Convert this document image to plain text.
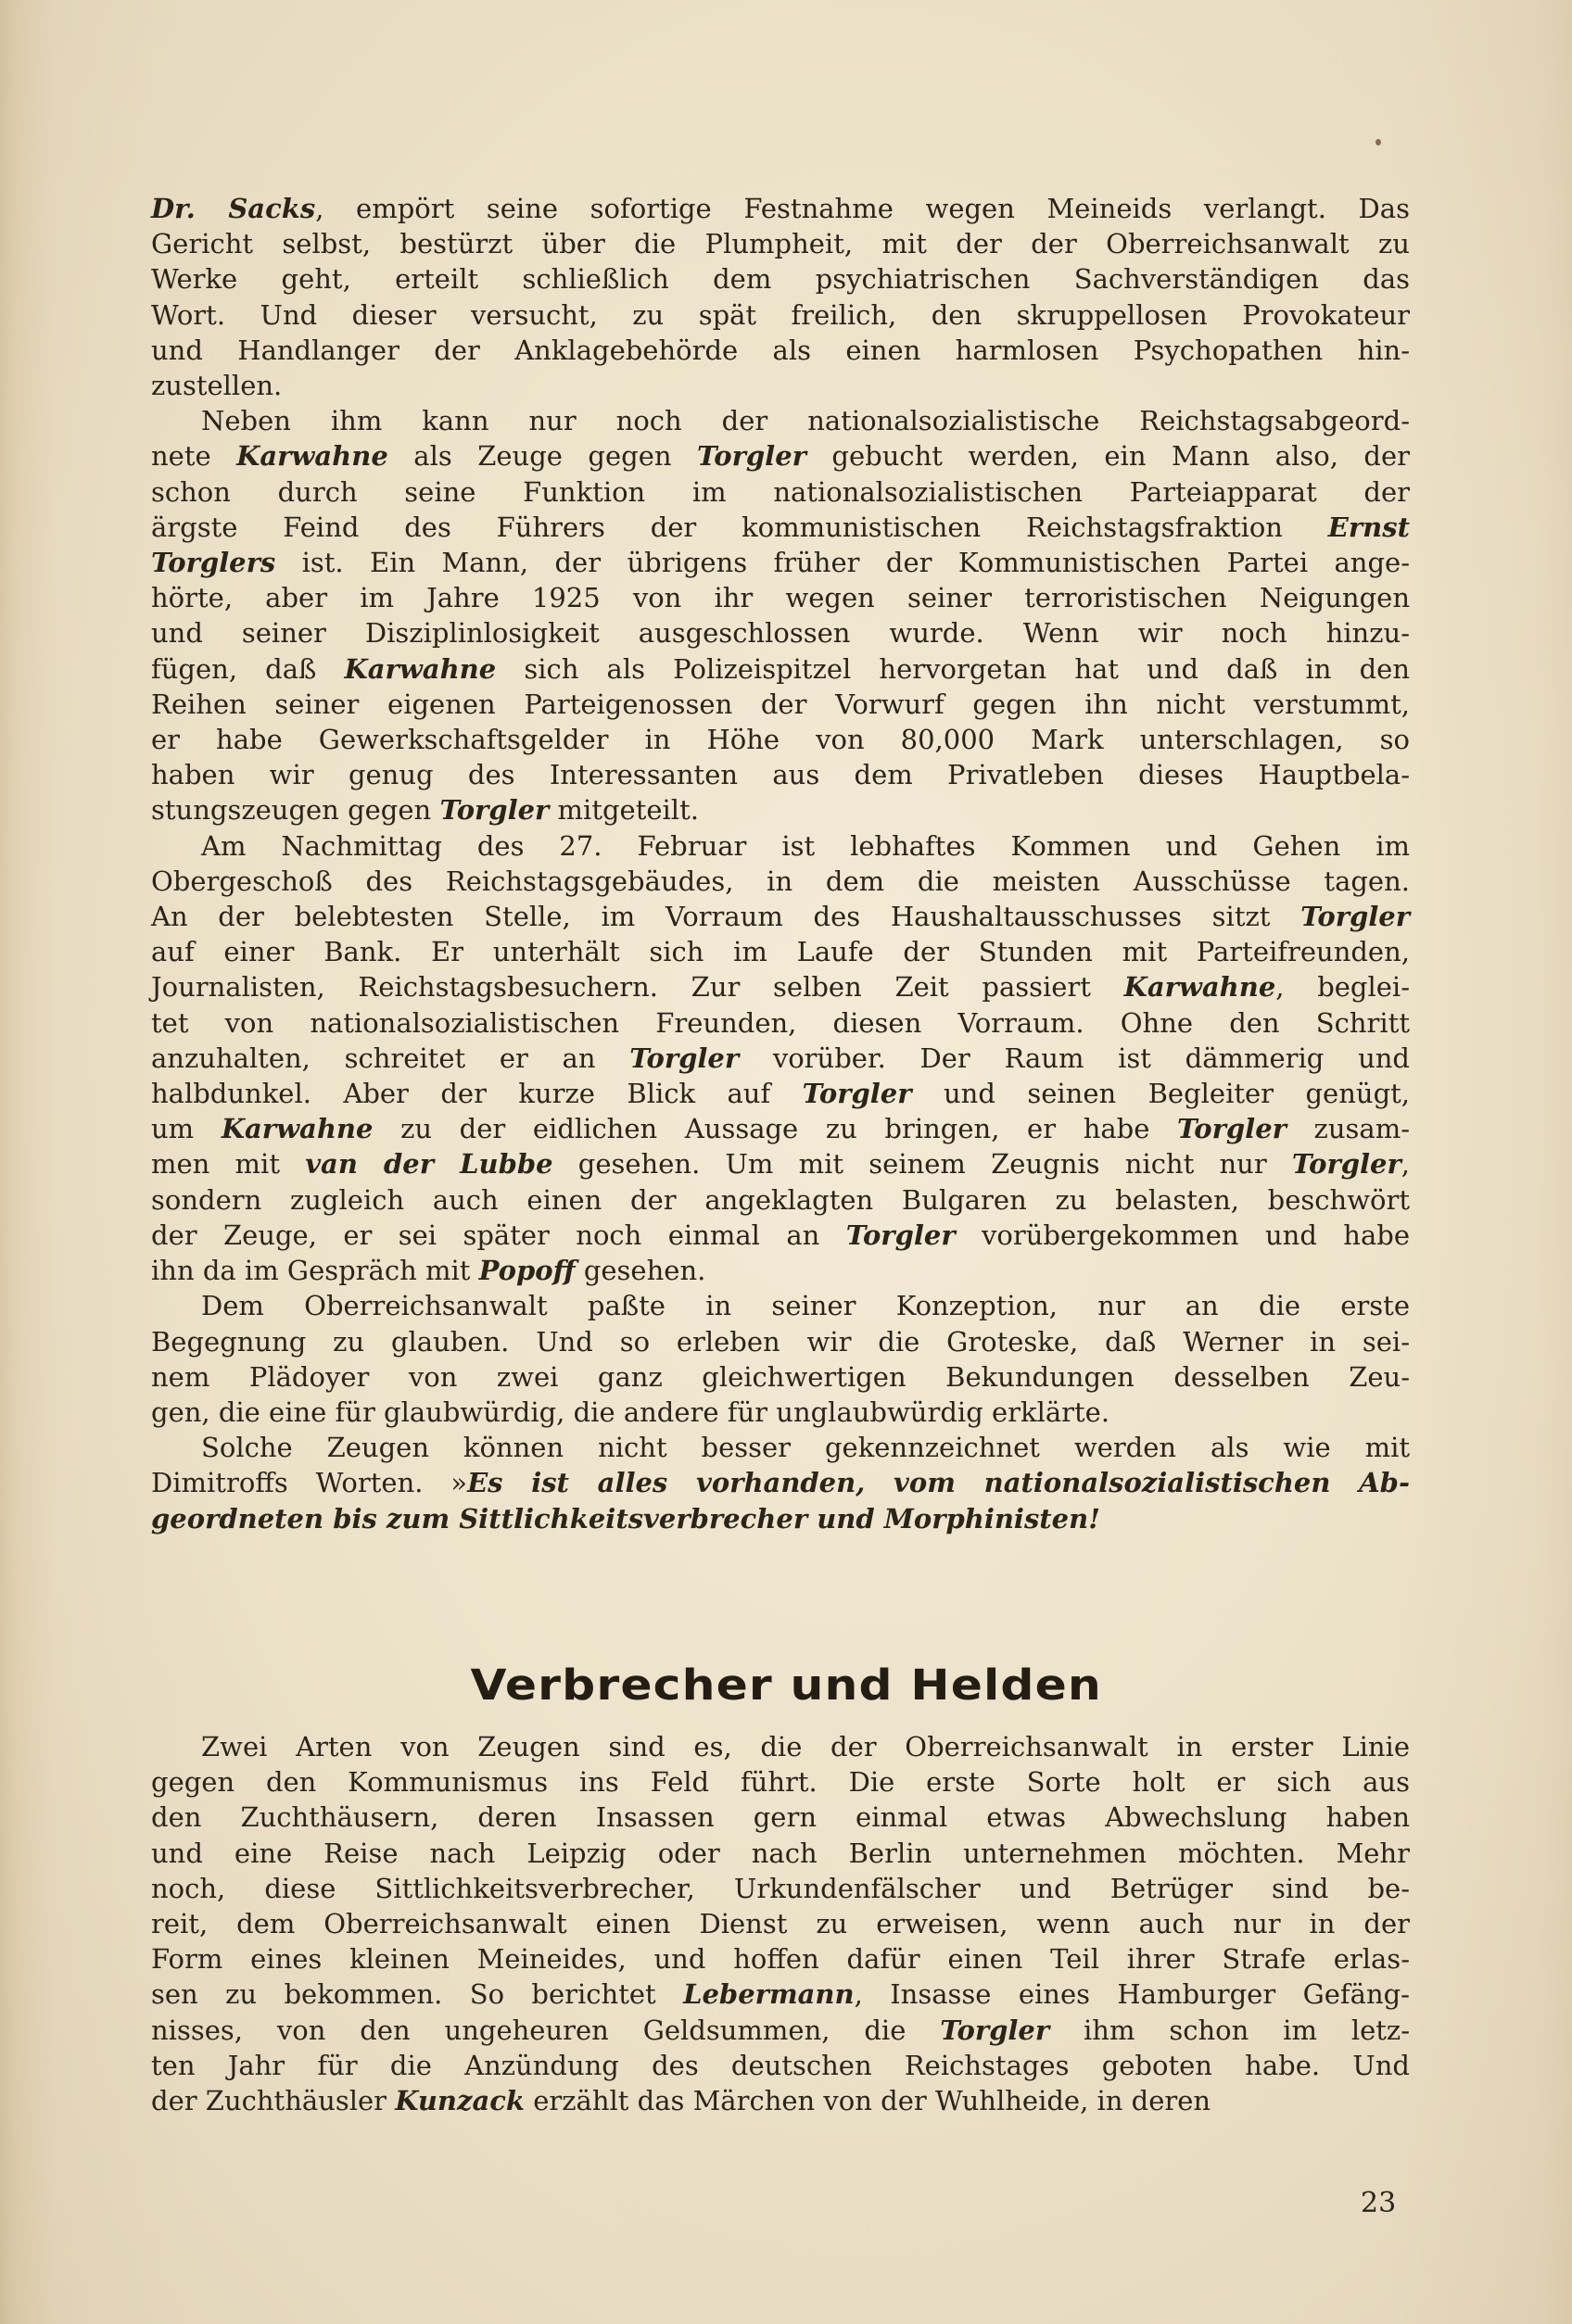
Dr. Sacks, empört seine sofortige Festnahme wegen Meineids verlangt. Das
Gericht selbst, bestürzt über die Plumpheit, mit der der Oberreichsanwalt zu
Werke geht, erteilt schließlich dem psychiatrischen Sachverständigen das
Wort. Und dieser versucht, zu spät freilich, den skruppellosen Provokateur
und Handlanger der Anklagebehörde als einen harmlosen Psychopathen hin-
zustellen.

Neben ihm kann nur noch der nationalsozialistische Reichstagsabgeord-
nete Karwahne als Zeuge gegen Torgler gebucht werden, ein Mann also, der
schon durch seine Funktion im nationalsozialistischen Parteiapparat der
ärgste Feind des Führers der kommunistischen Reichstagsfraktion Ernst
Torglers ist. Ein Mann, der übrigens früher der Kommunistischen Partei ange-
hörte, aber im Jahre 1925 von ihr wegen seiner terroristischen Neigungen
und seiner Disziplinlosigkeit ausgeschlossen wurde. Wenn wir noch hinzu-
fügen, daß Karwahne sich als Polizeispitzel hervorgetan hat und daß in den
Reihen seiner eigenen Parteigenossen der Vorwurf gegen ihn nicht verstummt,
er habe Gewerkschaftsgelder in Höhe von 80,000 Mark unterschlagen, so
haben wir genug des Interessanten aus dem Privatleben dieses Hauptbela-
stungszeugen gegen Torgler mitgeteilt.

Am Nachmittag des 27. Februar ist lebhaftes Kommen und Gehen im
Obergeschoß des Reichstagsgebäudes, in dem die meisten Ausschüsse tagen.
An der belebtesten Stelle, im Vorraum des Haushaltausschusses sitzt Torgler
auf einer Bank. Er unterhält sich im Laufe der Stunden mit Parteifreunden,
Journalisten, Reichstagsbesuchern. Zur selben Zeit passiert Karwahne, beglei-
tet von nationalsozialistischen Freunden, diesen Vorraum. Ohne den Schritt
anzuhalten, schreitet er an Torgler vorüber. Der Raum ist dämmerig und
halbdunkel. Aber der kurze Blick auf Torgler und seinen Begleiter genügt,
um Karwahne zu der eidlichen Aussage zu bringen, er habe Torgler zusam-
men mit van der Lubbe gesehen. Um mit seinem Zeugnis nicht nur Torgler,
sondern zugleich auch einen der angeklagten Bulgaren zu belasten, beschwört
der Zeuge, er sei später noch einmal an Torgler vorübergekommen und habe
ihn da im Gespräch mit Popoff gesehen.

Dem Oberreichsanwalt paßte in seiner Konzeption, nur an die erste
Begegnung zu glauben. Und so erleben wir die Groteske, daß Werner in sei-
nem Plädoyer von zwei ganz gleichwertigen Bekundungen desselben Zeu-
gen, die eine für glaubwürdig, die andere für unglaubwürdig erklärte.

Solche Zeugen können nicht besser gekennzeichnet werden als wie mit
Dimitroffs Worten. »Es ist alles vorhanden, vom nationalsozialistischen Ab-
geordneten bis zum Sittlichkeitsverbrecher und Morphinisten!

Verbrecher und Helden

Zwei Arten von Zeugen sind es, die der Oberreichsanwalt in erster Linie
gegen den Kommunismus ins Feld führt. Die erste Sorte holt er sich aus
den Zuchthäusern, deren Insassen gern einmal etwas Abwechslung haben
und eine Reise nach Leipzig oder nach Berlin unternehmen möchten. Mehr
noch, diese Sittlichkeitsverbrecher, Urkundenfälscher und Betrüger sind be-
reit, dem Oberreichsanwalt einen Dienst zu erweisen, wenn auch nur in der
Form eines kleinen Meineides, und hoffen dafür einen Teil ihrer Strafe erlas-
sen zu bekommen. So berichtet Lebermann, Insasse eines Hamburger Gefäng-
nisses, von den ungeheuren Geldsummen, die Torgler ihm schon im letz-
ten Jahr für die Anzündung des deutschen Reichstages geboten habe. Und
der Zuchthäusler Kunzack erzählt das Märchen von der Wuhlheide, in deren

23
